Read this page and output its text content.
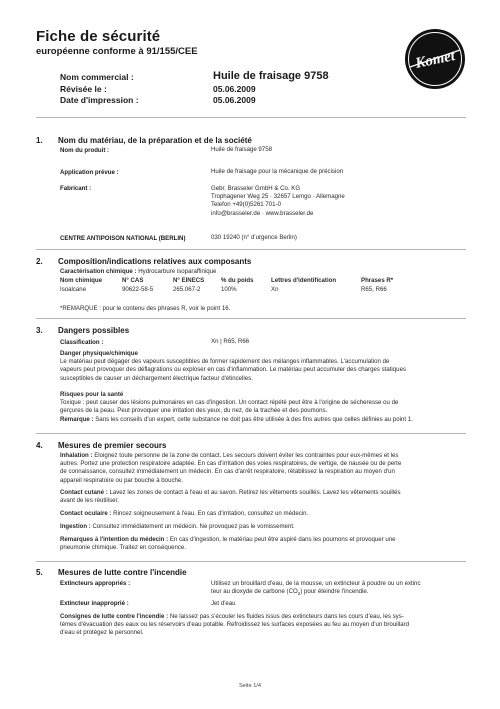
Fiche de sécurité
européenne conforme à 91/155/CEE	Komet
Nom commercial :	Huile de fraisage 9758
Révisée le :	05.06.2009
Date d'impression :	05.06.2009
1. Nom du matériau, de la préparation et de la société
Nom du produit :	Huile de fraisage 9758
Application prévue :	Huile de fraisage pour la mécanique de précision
Fabricant :	Gebr. Brasseler GmbH & Co. KG
Trophagener Weg 25 · 32657 Lemgo · Allemagne
Telefon +49(0)5261 701-0
info@brasseler.de · www.brasseler.de
CENTRE ANTIPOISON NATIONAL (BERLIN)	030 19240 (n° d'urgence Berlin)
2. Composition/indications relatives aux composants
Caractérisation chimique : Hydrocarbure isoparaffinique
Nom chimique	N° CAS	N° EINECS	% du poids	Lettres d'identification	Phrases R*
Isoalcane	90622-58-5	265.067-2	100%	Xn	R65, R66
*REMARQUE : pour le contenu des phrases R, voir le point 16.
3. Dangers possibles
Classification :	Xn | R65, R66
Danger physique/chimique
Le matériau peut dégager des vapeurs susceptibles de former rapidement des mélanges inflammables. L'accumulation de
vapeurs peut provoquer des déflagrations ou exploser en cas d'inflammation. Le matériau peut accumuler des charges statiques
susceptibles de causer un déchargement électrique facteur d'étincelles.
Risques pour la santé
Toxique : peut causer des lésions pulmonaires en cas d'ingestion. Un contact répété peut être à l'origine de sécheresse ou de
gerçures de la peau. Peut provoquer une irritation des yeux, du nez, de la trachée et des poumons.
Remarque : Sans les conseils d'un expert, cette substance ne doit pas être utilisée à des fins autres que celles définies au point 1.
4. Mesures de premier secours
Inhalation : Eloignez toute personne de la zone de contact. Les secours doivent éviter les contraintes pour eux-mêmes et les
autres. Portez une protection respiratoire adaptée. En cas d'irritation des voies respiratoires, de vertige, de nausée ou de perte
de connaissance, consultez immédiatement un médecin. En cas d'arrêt respiratoire, rétablissez la respiration au moyen d'un
appareil respiratoire ou par bouche à bouche.
Contact cutané : Lavez les zones de contact à l'eau et au savon. Retirez les vêtements souillés. Lavez les vêtements souillés
avant de les réutiliser.
Contact oculaire : Rincez soigneusement à l'eau. En cas d'irritation, consultez un médecin.
Ingestion : Consultez immédiatement un médecin. Ne provoquez pas le vomissement.
Remarques à l'intention du médecin : En cas d'ingestion, le matériau peut être aspiré dans les poumons et provoquer une
pneumonie chimique. Traitez en conséquence.
5. Mesures de lutte contre l'incendie
Extincteurs appropriés :	Utilisez un brouillard d'eau, de la mousse, un extincteur à poudre ou un extinc
teur au dioxyde de carbone $(CO_2)$ pour éteindre l'incendie.
Extincteur inapproprié :	Jet d'eau
Consignes de lutte contre l'incendie : Ne laissez pas s'écouler les fluides issus des extincteurs dans les cours d'eau, les sys-
tèmes d'évacuation des eaux ou les réservoirs d'eau potable. Refroidissez les surfaces exposées au feu au moyen d'un brouillard
d'eau et protégez le personnel.
Seite 1/4
